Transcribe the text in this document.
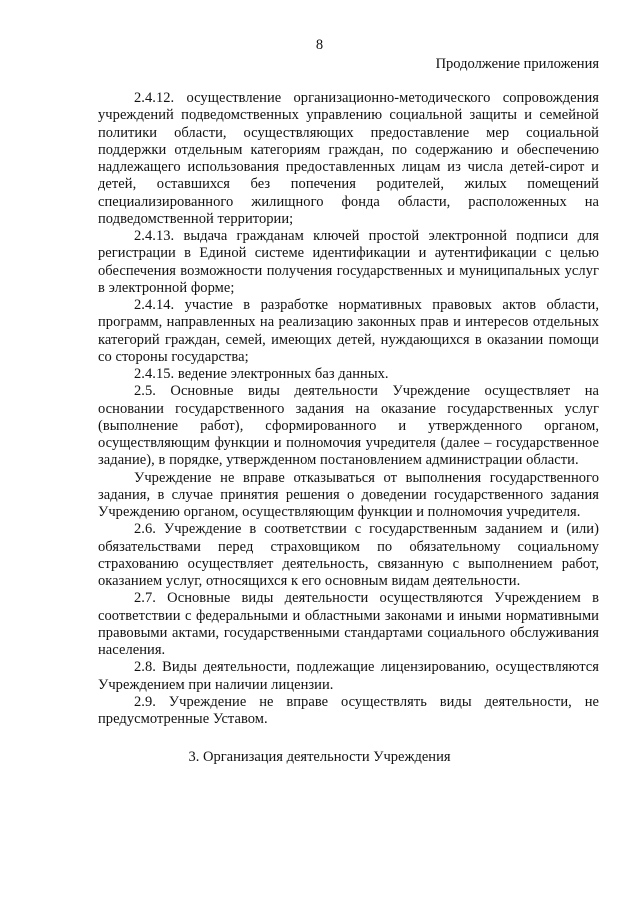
8
Продолжение приложения

2.4.12. осуществление организационно-методического сопровождения учреждений подведомственных управлению социальной защиты и семейной политики области, осуществляющих предоставление мер социальной поддержки отдельным категориям граждан, по содержанию и обеспечению надлежащего использования предоставленных лицам из числа детей-сирот и детей, оставшихся без попечения родителей, жилых помещений специализированного жилищного фонда области, расположенных на подведомственной территории;

2.4.13. выдача гражданам ключей простой электронной подписи для регистрации в Единой системе идентификации и аутентификации с целью обеспечения возможности получения государственных и муниципальных услуг в электронной форме;

2.4.14. участие в разработке нормативных правовых актов области, программ, направленных на реализацию законных прав и интересов отдельных категорий граждан, семей, имеющих детей, нуждающихся в оказании помощи со стороны государства;

2.4.15. ведение электронных баз данных.

2.5. Основные виды деятельности Учреждение осуществляет на основании государственного задания на оказание государственных услуг (выполнение работ), сформированного и утвержденного органом, осуществляющим функции и полномочия учредителя (далее – государственное задание), в порядке, утвержденном постановлением администрации области.

Учреждение не вправе отказываться от выполнения государственного задания, в случае принятия решения о доведении государственного задания Учреждению органом, осуществляющим функции и полномочия учредителя.

2.6. Учреждение в соответствии с государственным заданием и (или) обязательствами перед страховщиком по обязательному социальному страхованию осуществляет деятельность, связанную с выполнением работ, оказанием услуг, относящихся к его основным видам деятельности.

2.7. Основные виды деятельности осуществляются Учреждением в соответствии с федеральными и областными законами и иными нормативными правовыми актами, государственными стандартами социального обслуживания населения.

2.8. Виды деятельности, подлежащие лицензированию, осуществляются Учреждением при наличии лицензии.

2.9. Учреждение не вправе осуществлять виды деятельности, не предусмотренные Уставом.

3. Организация деятельности Учреждения
